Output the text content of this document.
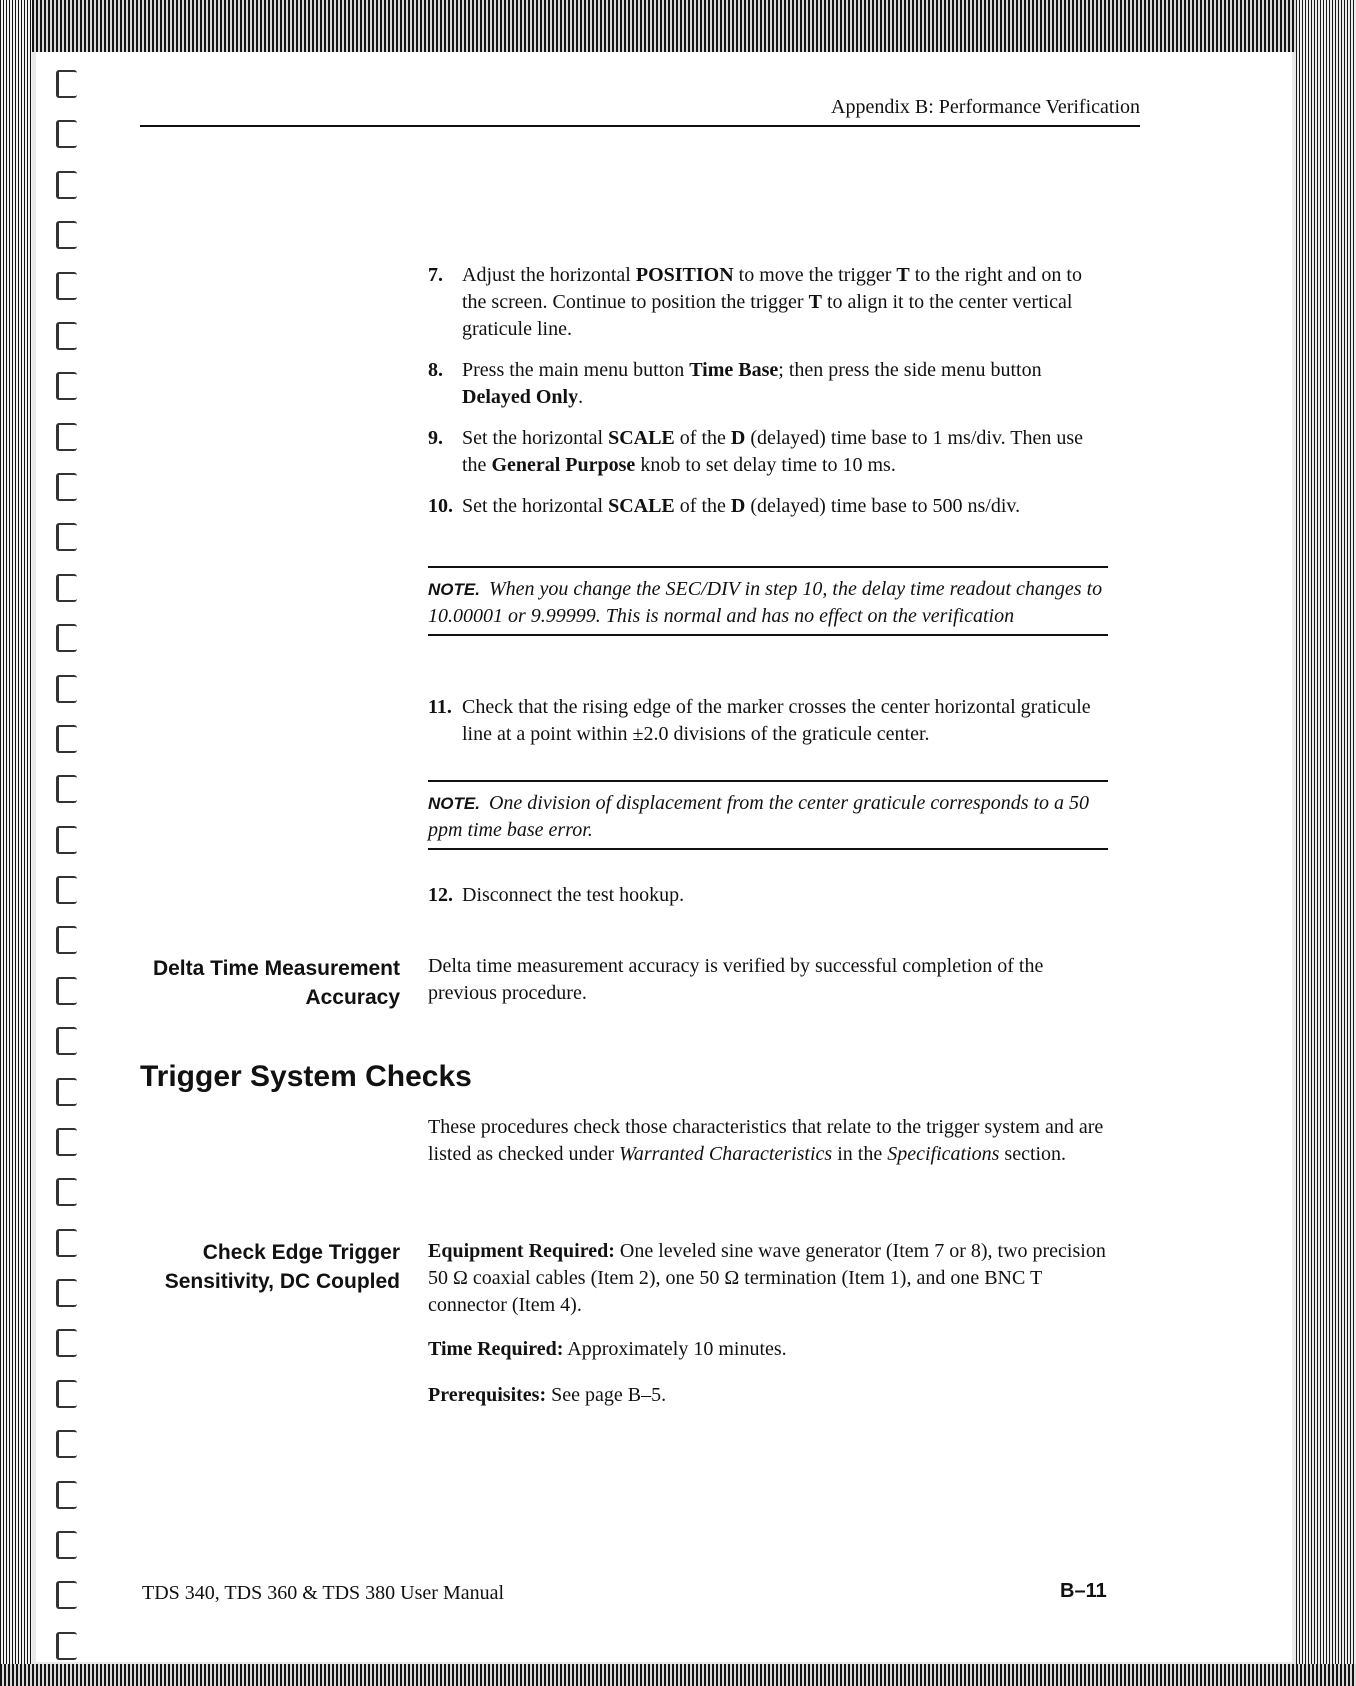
Appendix B: Performance Verification
7. Adjust the horizontal POSITION to move the trigger T to the right and on to the screen. Continue to position the trigger T to align it to the center vertical graticule line.
8. Press the main menu button Time Base; then press the side menu button Delayed Only.
9. Set the horizontal SCALE of the D (delayed) time base to 1 ms/div. Then use the General Purpose knob to set delay time to 10 ms.
10. Set the horizontal SCALE of the D (delayed) time base to 500 ns/div.
NOTE. When you change the SEC/DIV in step 10, the delay time readout changes to 10.00001 or 9.99999. This is normal and has no effect on the verification
11. Check that the rising edge of the marker crosses the center horizontal graticule line at a point within ±2.0 divisions of the graticule center.
NOTE. One division of displacement from the center graticule corresponds to a 50 ppm time base error.
12. Disconnect the test hookup.
Delta Time Measurement
Accuracy
Delta time measurement accuracy is verified by successful completion of the previous procedure.
Trigger System Checks
These procedures check those characteristics that relate to the trigger system and are listed as checked under Warranted Characteristics in the Specifications section.
Check Edge Trigger
Sensitivity, DC Coupled
Equipment Required: One leveled sine wave generator (Item 7 or 8), two precision 50 Ω coaxial cables (Item 2), one 50 Ω termination (Item 1), and one BNC T connector (Item 4).
Time Required: Approximately 10 minutes.
Prerequisites: See page B–5.
TDS 340, TDS 360 & TDS 380 User Manual	B–11
